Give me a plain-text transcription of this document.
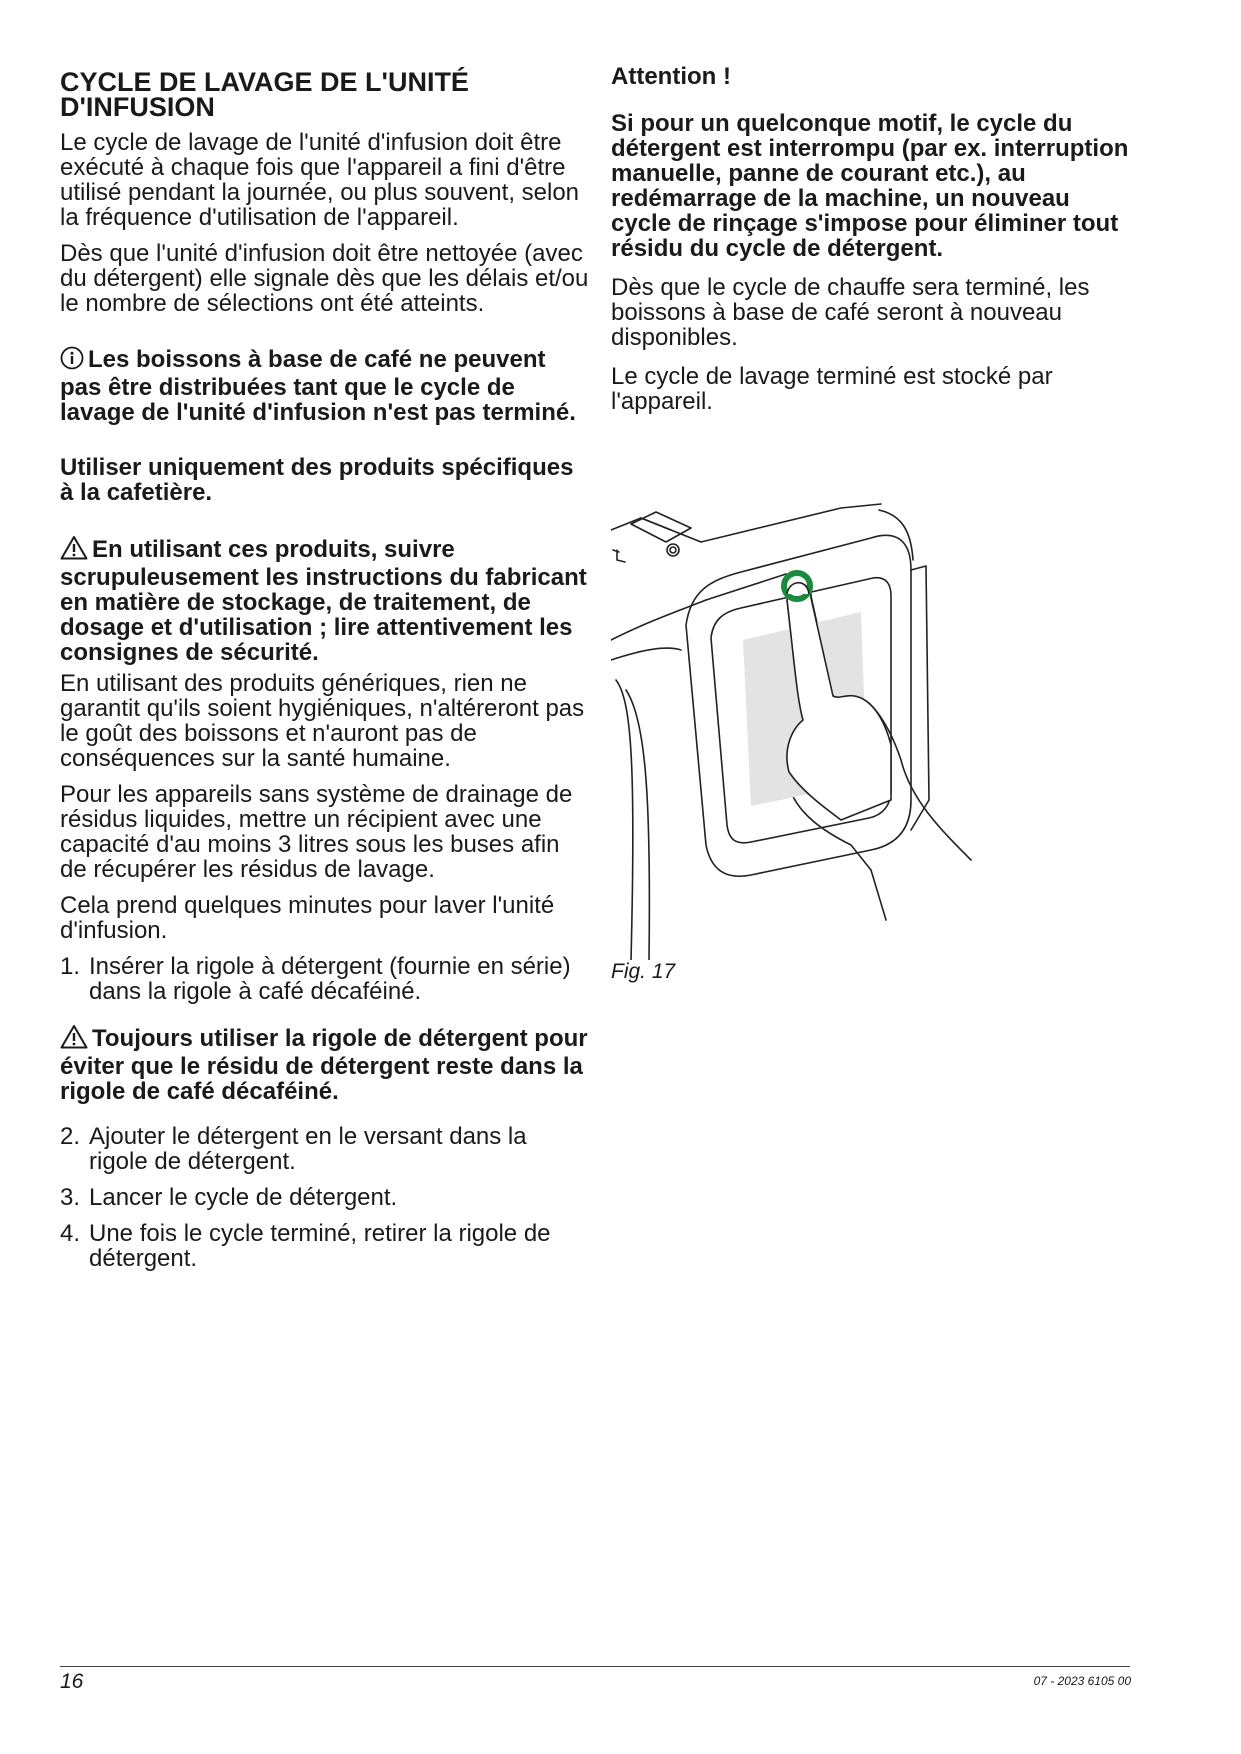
CYCLE DE LAVAGE DE L'UNITÉ
D'INFUSION

Le cycle de lavage de l'unité d'infusion doit être exécuté à chaque fois que l'appareil a fini d'être utilisé pendant la journée, ou plus souvent, selon la fréquence d'utilisation de l'appareil.

Dès que l'unité d'infusion doit être nettoyée (avec du détergent) elle signale dès que les délais et/ou le nombre de sélections ont été atteints.

Les boissons à base de café ne peuvent pas être distribuées tant que le cycle de lavage de l'unité d'infusion n'est pas terminé.

Utiliser uniquement des produits spécifiques à la cafetière.

En utilisant ces produits, suivre scrupuleusement les instructions du fabricant en matière de stockage, de traitement, de dosage et d'utilisation ; lire attentivement les consignes de sécurité.

En utilisant des produits génériques, rien ne garantit qu'ils soient hygiéniques, n'altéreront pas le goût des boissons et n'auront pas de conséquences sur la santé humaine.

Pour les appareils sans système de drainage de résidus liquides, mettre un récipient avec une capacité d'au moins 3 litres sous les buses afin de récupérer les résidus de lavage.

Cela prend quelques minutes pour laver l'unité d'infusion.

1. Insérer la rigole à détergent (fournie en série) dans la rigole à café décaféiné.

Toujours utiliser la rigole de détergent pour éviter que le résidu de détergent reste dans la rigole de café décaféiné.

2. Ajouter le détergent en le versant dans la rigole de détergent.
3. Lancer le cycle de détergent.
4. Une fois le cycle terminé, retirer la rigole de détergent.

Attention !

Si pour un quelconque motif, le cycle du détergent est interrompu (par ex. interruption manuelle, panne de courant etc.), au redémarrage de la machine, un nouveau cycle de rinçage s'impose pour éliminer tout résidu du cycle de détergent.

Dès que le cycle de chauffe sera terminé, les boissons à base de café seront à nouveau disponibles.

Le cycle de lavage terminé est stocké par l'appareil.

Fig. 17
16	07 - 2023 6105 00
